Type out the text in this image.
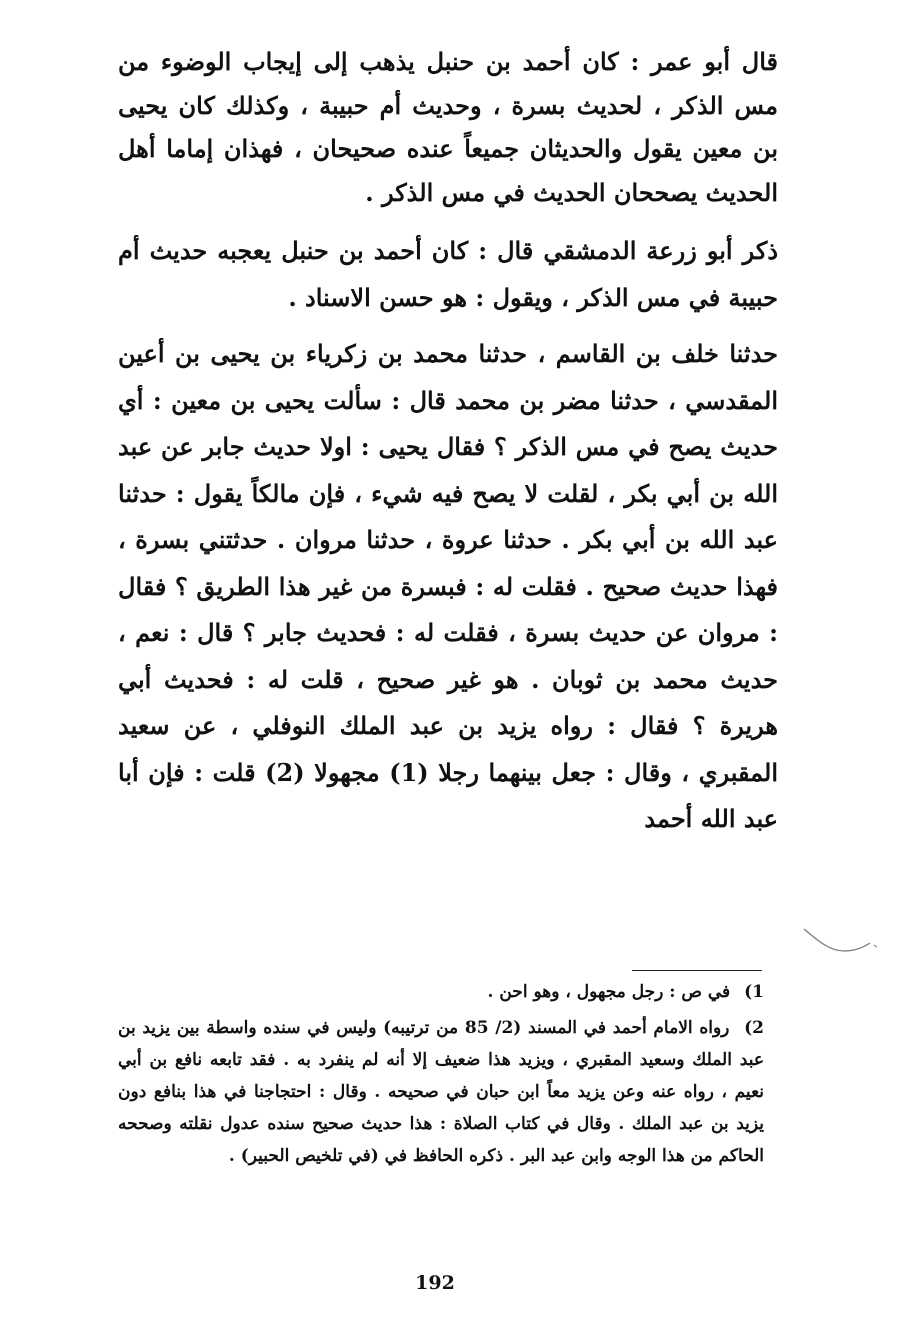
قال أبو عمر : كان أحمد بن حنبل يذهب إلى إيجاب الوضوء من مس الذكر ، لحديث بسرة ، وحديث أم حبيبة ، وكذلك كان يحيى بن معين يقول والحديثان جميعاً عنده صحيحان ، فهذان إماما أهل الحديث يصححان الحديث في مس الذكر .

ذكر أبو زرعة الدمشقي قال : كان أحمد بن حنبل يعجبه حديث أم حبيبة في مس الذكر ، ويقول : هو حسن الاسناد .

حدثنا خلف بن القاسم ، حدثنا محمد بن زكرياء بن يحيى بن أعين المقدسي ، حدثنا مضر بن محمد قال : سألت يحيى بن معين : أي حديث يصح في مس الذكر ؟ فقال يحيى : اولا حديث جابر عن عبد الله بن أبي بكر ، لقلت لا يصح فيه شيء ، فإن مالكاً يقول : حدثنا عبد الله بن أبي بكر . حدثنا عروة ، حدثنا مروان . حدثتني بسرة ، فهذا حديث صحيح . فقلت له : فبسرة من غير هذا الطريق ؟ فقال : مروان عن حديث بسرة ، فقلت له : فحديث جابر ؟ قال : نعم ، حديث محمد بن ثوبان . هو غير صحيح ، قلت له : فحديث أبي هريرة ؟ فقال : رواه يزيد بن عبد الملك النوفلي ، عن سعيد المقبري ، وقال : جعل بينهما رجلا (1) مجهولا (2) قلت : فإن أبا عبد الله أحمد

1) في ص : رجل مجهول ، وهو احن .

2) رواه الامام أحمد في المسند (2/ 85 من ترتيبه) وليس في سنده واسطة بين يزيد بن عبد الملك وسعيد المقبري ، ويزيد هذا ضعيف إلا أنه لم ينفرد به . فقد تابعه نافع بن أبي نعيم ، رواه عنه وعن يزيد معاً ابن حبان في صحيحه . وقال : احتجاجنا في هذا بنافع دون يزيد بن عبد الملك . وقال في كتاب الصلاة : هذا حديث صحيح سنده عدول نقلته وصححه الحاكم من هذا الوجه وابن عبد البر . ذكره الحافظ في (في تلخيص الحبير) .

192
